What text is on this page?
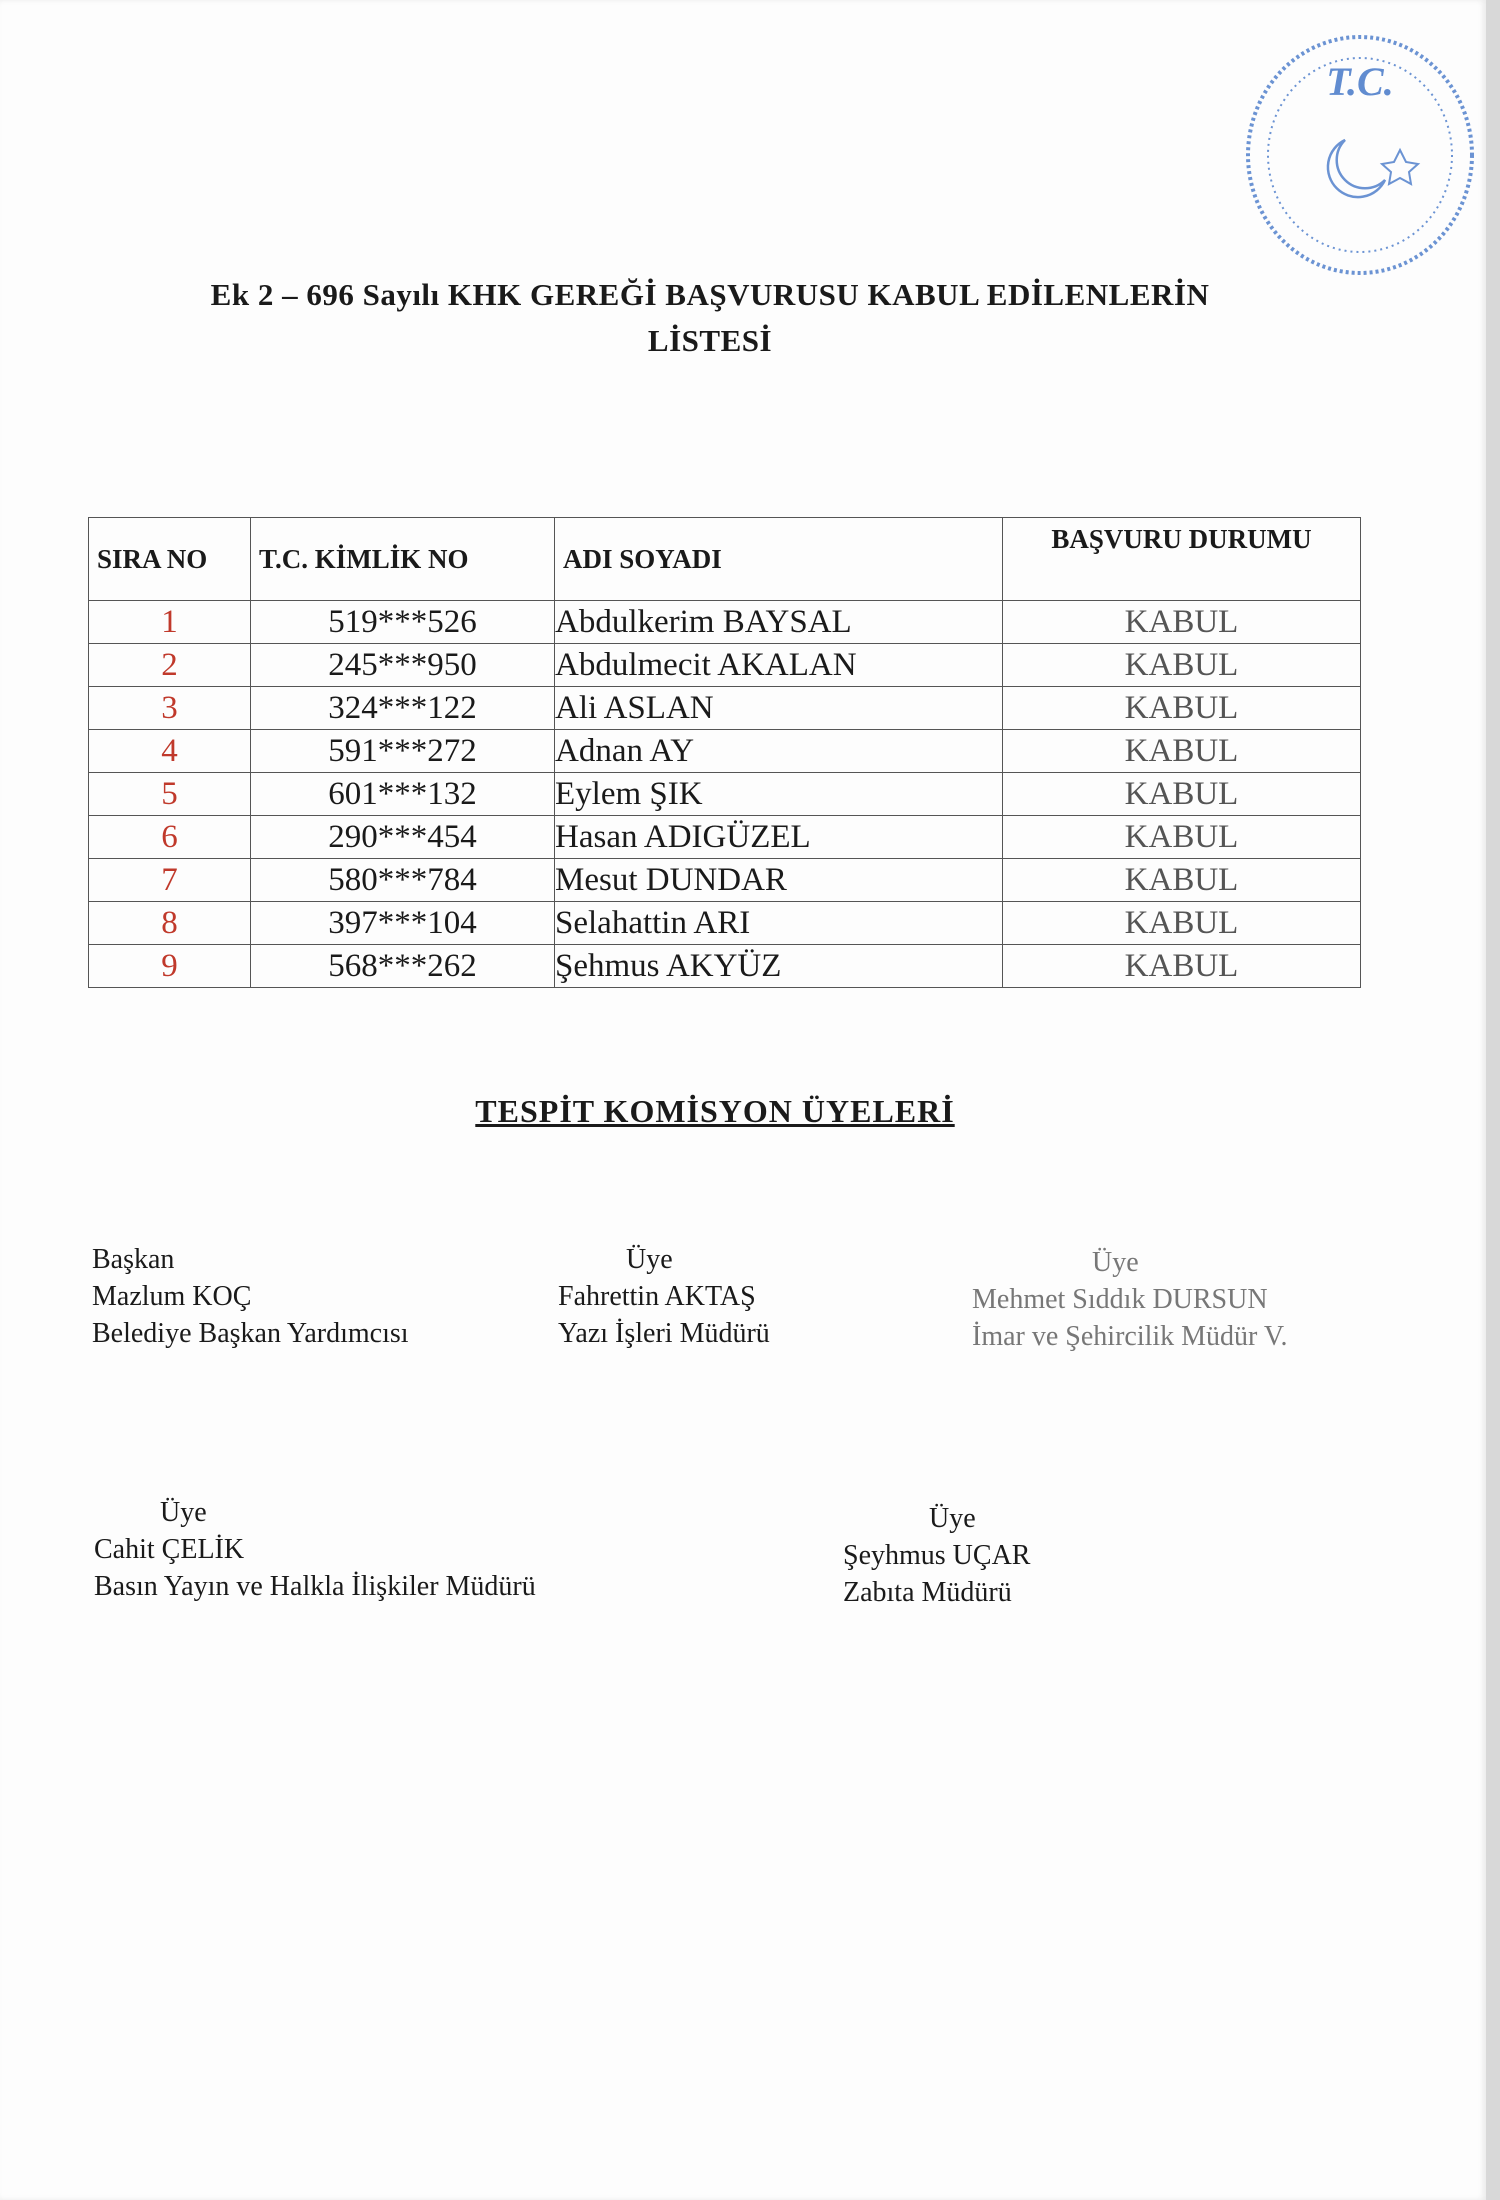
T.C.
Ek 2 – 696 Sayılı KHK GEREĞİ BAŞVURUSU KABUL EDİLENLERİN
LİSTESİ
SIRA NO	T.C. KİMLİK NO	ADI SOYADI	BAŞVURU DURUMU
1	519***526	Abdulkerim BAYSAL	KABUL
2	245***950	Abdulmecit AKALAN	KABUL
3	324***122	Ali ASLAN	KABUL
4	591***272	Adnan AY	KABUL
5	601***132	Eylem ŞIK	KABUL
6	290***454	Hasan ADIGÜZEL	KABUL
7	580***784	Mesut DUNDAR	KABUL
8	397***104	Selahattin ARI	KABUL
9	568***262	Şehmus AKYÜZ	KABUL
TESPİT KOMİSYON ÜYELERİ
Başkan
Mazlum KOÇ
Belediye Başkan Yardımcısı
Üye
Fahrettin AKTAŞ
Yazı İşleri Müdürü
Üye
Mehmet Sıddık DURSUN
İmar ve Şehircilik Müdür V.
Üye
Cahit ÇELİK
Basın Yayın ve Halkla İlişkiler Müdürü
Üye
Şeyhmus UÇAR
Zabıta Müdürü
